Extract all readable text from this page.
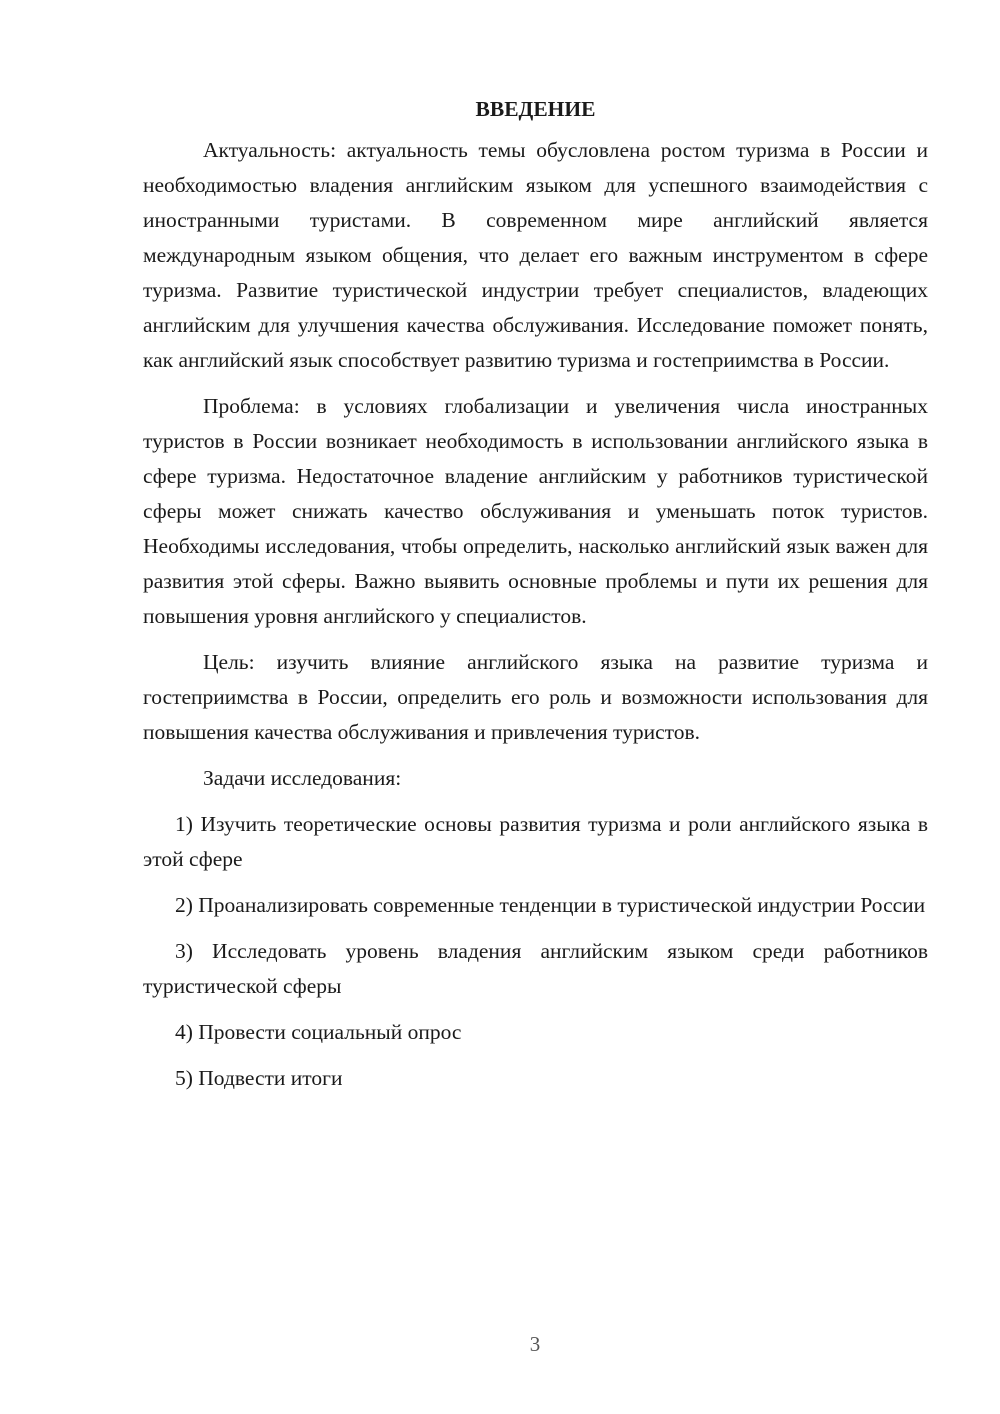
ВВЕДЕНИЕ

Актуальность: актуальность темы обусловлена ростом туризма в России и необходимостью владения английским языком для успешного взаимодействия с иностранными туристами. В современном мире английский является международным языком общения, что делает его важным инструментом в сфере туризма. Развитие туристической индустрии требует специалистов, владеющих английским для улучшения качества обслуживания. Исследование поможет понять, как английский язык способствует развитию туризма и гостеприимства в России.

Проблема: в условиях глобализации и увеличения числа иностранных туристов в России возникает необходимость в использовании английского языка в сфере туризма. Недостаточное владение английским у работников туристической сферы может снижать качество обслуживания и уменьшать поток туристов. Необходимы исследования, чтобы определить, насколько английский язык важен для развития этой сферы. Важно выявить основные проблемы и пути их решения для повышения уровня английского у специалистов.

Цель: изучить влияние английского языка на развитие туризма и гостеприимства в России, определить его роль и возможности использования для повышения качества обслуживания и привлечения туристов.

Задачи исследования:

1) Изучить теоретические основы развития туризма и роли английского языка в этой сфере

2) Проанализировать современные тенденции в туристической индустрии России

3) Исследовать уровень владения английским языком среди работников туристической сферы

4) Провести социальный опрос

5) Подвести итоги

3
